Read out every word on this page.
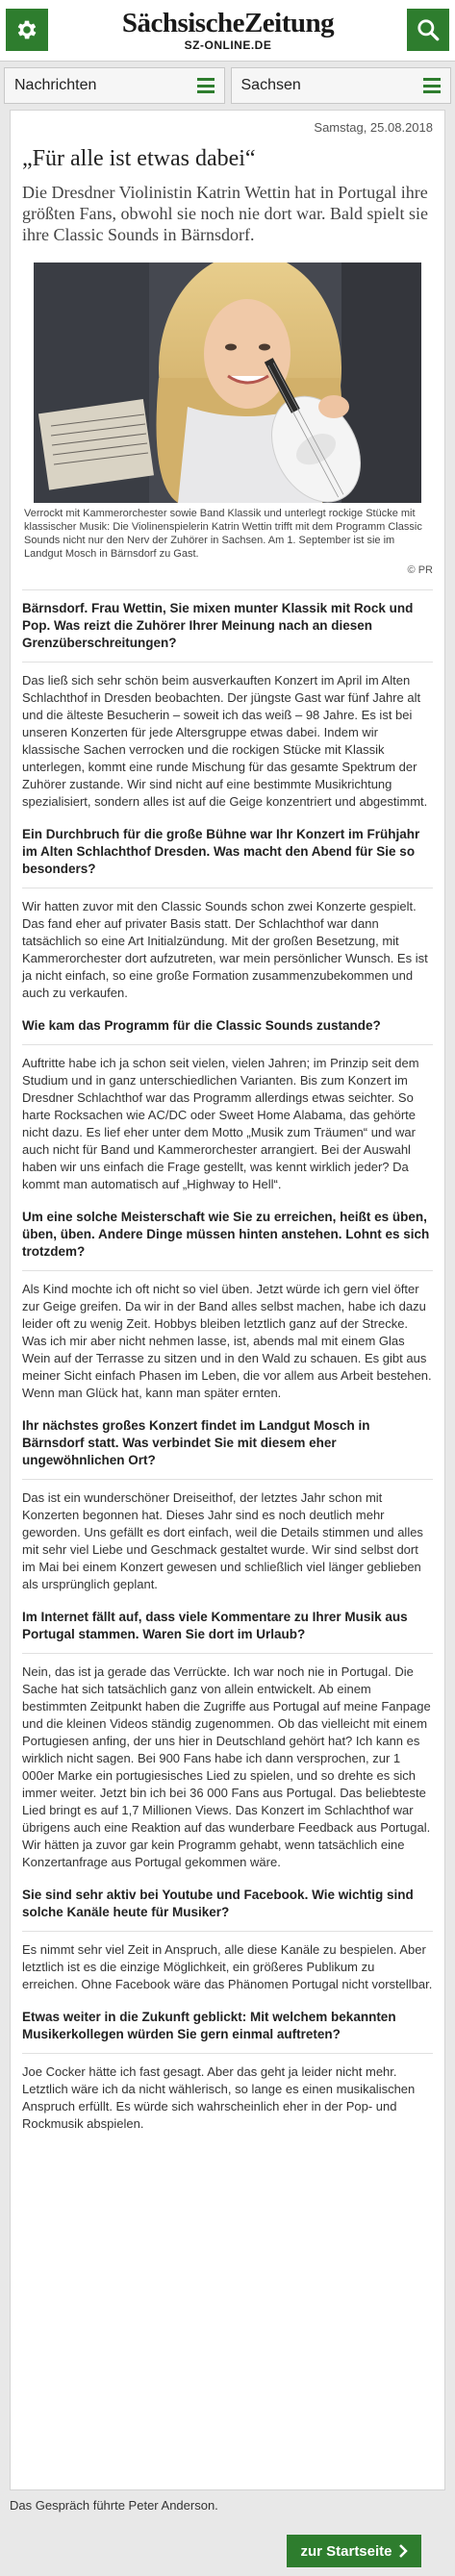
SächsischeZeitung
SZ-ONLINE.DE
Nachrichten	Sachsen
Samstag, 25.08.2018
„Für alle ist etwas dabei“

Die Dresdner Violinistin Katrin Wettin hat in Portugal ihre größten Fans, obwohl sie noch nie dort war. Bald spielt sie ihre Classic Sounds in Bärnsdorf.

Verrockt mit Kammerorchester sowie Band Klassik und unterlegt rockige Stücke mit klassischer Musik: Die Violinenspielerin Katrin Wettin trifft mit dem Programm Classic Sounds nicht nur den Nerv der Zuhörer in Sachsen. Am 1. September ist sie im Landgut Mosch in Bärnsdorf zu Gast.

© PR
Bärnsdorf. Frau Wettin, Sie mixen munter Klassik mit Rock und Pop. Was reizt die Zuhörer Ihrer Meinung nach an diesen Grenzüberschreitungen?

Das ließ sich sehr schön beim ausverkauften Konzert im April im Alten Schlachthof in Dresden beobachten. Der jüngste Gast war fünf Jahre alt und die älteste Besucherin – soweit ich das weiß – 98 Jahre. Es ist bei unseren Konzerten für jede Altersgruppe etwas dabei. Indem wir klassische Sachen verrocken und die rockigen Stücke mit Klassik unterlegen, kommt eine runde Mischung für das gesamte Spektrum der Zuhörer zustande. Wir sind nicht auf eine bestimmte Musikrichtung spezialisiert, sondern alles ist auf die Geige konzentriert und abgestimmt.

Ein Durchbruch für die große Bühne war Ihr Konzert im Frühjahr im Alten Schlachthof Dresden. Was macht den Abend für Sie so besonders?

Wir hatten zuvor mit den Classic Sounds schon zwei Konzerte gespielt. Das fand eher auf privater Basis statt. Der Schlachthof war dann tatsächlich so eine Art Initialzündung. Mit der großen Besetzung, mit Kammerorchester dort aufzutreten, war mein persönlicher Wunsch. Es ist ja nicht einfach, so eine große Formation zusammenzubekommen und auch zu verkaufen.

Wie kam das Programm für die Classic Sounds zustande?

Auftritte habe ich ja schon seit vielen, vielen Jahren; im Prinzip seit dem Studium und in ganz unterschiedlichen Varianten. Bis zum Konzert im Dresdner Schlachthof war das Programm allerdings etwas seichter. So harte Rocksachen wie AC/DC oder Sweet Home Alabama, das gehörte nicht dazu. Es lief eher unter dem Motto „Musik zum Träumen“ und war auch nicht für Band und Kammerorchester arrangiert. Bei der Auswahl haben wir uns einfach die Frage gestellt, was kennt wirklich jeder? Da kommt man automatisch auf „Highway to Hell“.

Um eine solche Meisterschaft wie Sie zu erreichen, heißt es üben, üben, üben. Andere Dinge müssen hinten anstehen. Lohnt es sich trotzdem?

Als Kind mochte ich oft nicht so viel üben. Jetzt würde ich gern viel öfter zur Geige greifen. Da wir in der Band alles selbst machen, habe ich dazu leider oft zu wenig Zeit. Hobbys bleiben letztlich ganz auf der Strecke. Was ich mir aber nicht nehmen lasse, ist, abends mal mit einem Glas Wein auf der Terrasse zu sitzen und in den Wald zu schauen. Es gibt aus meiner Sicht einfach Phasen im Leben, die vor allem aus Arbeit bestehen. Wenn man Glück hat, kann man später ernten.

Ihr nächstes großes Konzert findet im Landgut Mosch in Bärnsdorf statt. Was verbindet Sie mit diesem eher ungewöhnlichen Ort?

Das ist ein wunderschöner Dreiseithof, der letztes Jahr schon mit Konzerten begonnen hat. Dieses Jahr sind es noch deutlich mehr geworden. Uns gefällt es dort einfach, weil die Details stimmen und alles mit sehr viel Liebe und Geschmack gestaltet wurde. Wir sind selbst dort im Mai bei einem Konzert gewesen und schließlich viel länger geblieben als ursprünglich geplant.

Im Internet fällt auf, dass viele Kommentare zu Ihrer Musik aus Portugal stammen. Waren Sie dort im Urlaub?

Nein, das ist ja gerade das Verrückte. Ich war noch nie in Portugal. Die Sache hat sich tatsächlich ganz von allein entwickelt. Ab einem bestimmten Zeitpunkt haben die Zugriffe aus Portugal auf meine Fanpage und die kleinen Videos ständig zugenommen. Ob das vielleicht mit einem Portugiesen anfing, der uns hier in Deutschland gehört hat? Ich kann es wirklich nicht sagen. Bei 900 Fans habe ich dann versprochen, zur 1 000er Marke ein portugiesisches Lied zu spielen, und so drehte es sich immer weiter. Jetzt bin ich bei 36 000 Fans aus Portugal. Das beliebteste Lied bringt es auf 1,7 Millionen Views. Das Konzert im Schlachthof war übrigens auch eine Reaktion auf das wunderbare Feedback aus Portugal. Wir hätten ja zuvor gar kein Programm gehabt, wenn tatsächlich eine Konzertanfrage aus Portugal gekommen wäre.

Sie sind sehr aktiv bei Youtube und Facebook. Wie wichtig sind solche Kanäle heute für Musiker?

Es nimmt sehr viel Zeit in Anspruch, alle diese Kanäle zu bespielen. Aber letztlich ist es die einzige Möglichkeit, ein größeres Publikum zu erreichen. Ohne Facebook wäre das Phänomen Portugal nicht vorstellbar.

Etwas weiter in die Zukunft geblickt: Mit welchem bekannten Musikerkollegen würden Sie gern einmal auftreten?

Joe Cocker hätte ich fast gesagt. Aber das geht ja leider nicht mehr. Letztlich wäre ich da nicht wählerisch, so lange es einen musikalischen Anspruch erfüllt. Es würde sich wahrscheinlich eher in der Pop- und Rockmusik abspielen.

Das Gespräch führte Peter Anderson.
zur Startseite
